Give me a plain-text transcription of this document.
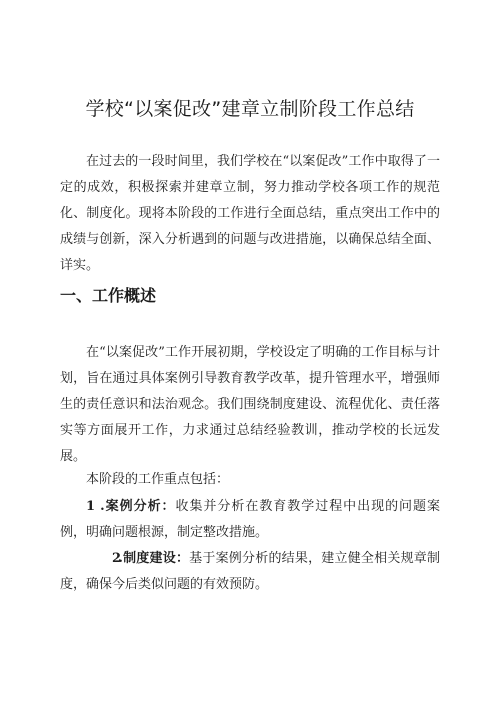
学校“以案促改”建章立制阶段工作总结

在过去的一段时间里，我们学校在“以案促改”工作中取得了一定的成效，积极探索并建章立制，努力推动学校各项工作的规范化、制度化。现将本阶段的工作进行全面总结，重点突出工作中的成绩与创新，深入分析遇到的问题与改进措施，以确保总结全面、详实。

一、工作概述

在“以案促改”工作开展初期，学校设定了明确的工作目标与计划，旨在通过具体案例引导教育教学改革，提升管理水平，增强师生的责任意识和法治观念。我们围绕制度建设、流程优化、责任落实等方面展开工作，力求通过总结经验教训，推动学校的长远发展。

本阶段的工作重点包括：

1 .案例分析：收集并分析在教育教学过程中出现的问题案例，明确问题根源，制定整改措施。

2 .制度建设：基于案例分析的结果，建立健全相关规章制度，确保今后类似问题的有效预防。
